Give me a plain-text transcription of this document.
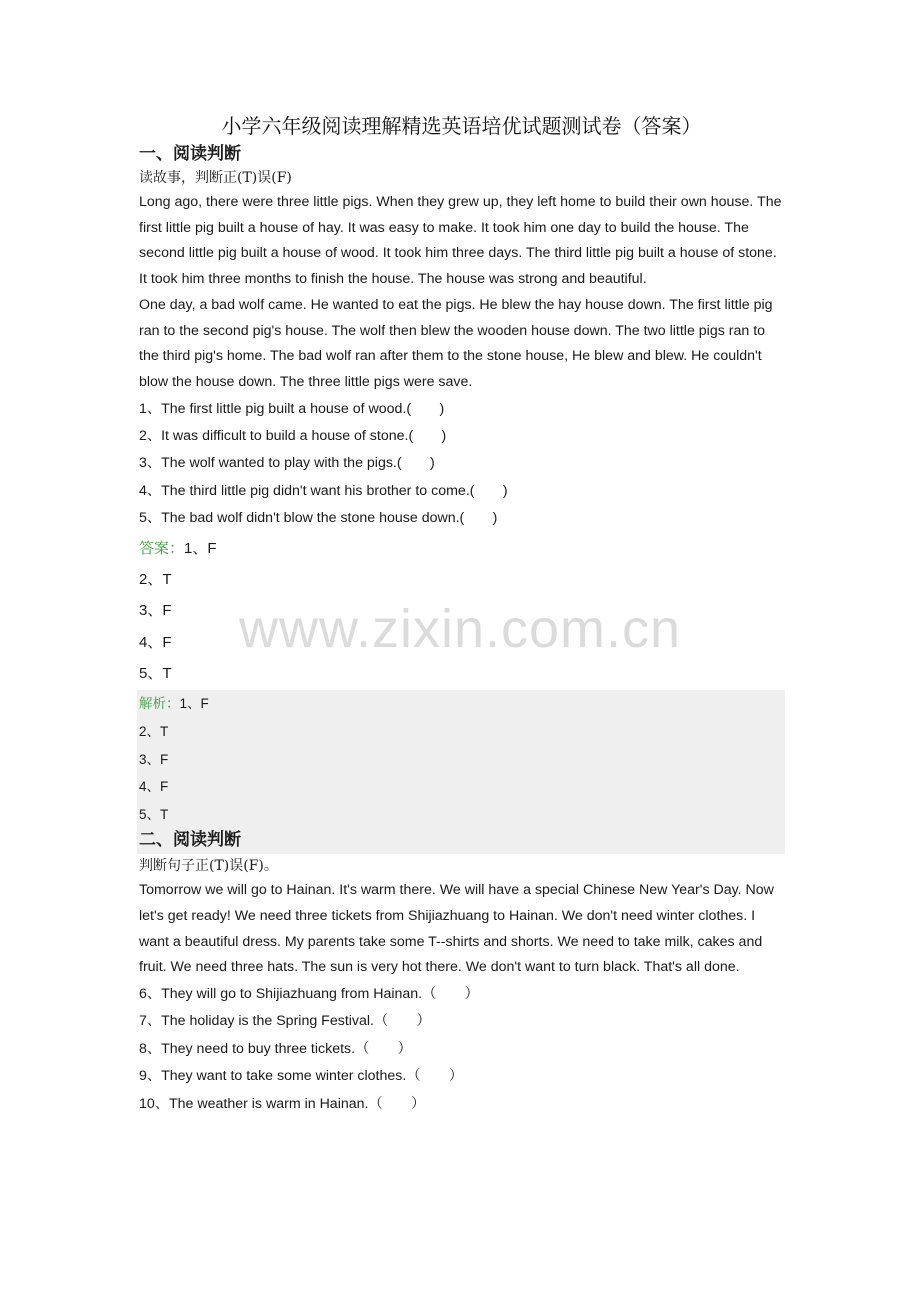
www.zixin.com.cn
小学六年级阅读理解精选英语培优试题测试卷（答案）

一、阅读判断

读故事，判断正(T)误(F)

Long ago, there were three little pigs. When they grew up, they left home to build their own house. The first little pig built a house of hay. It was easy to make. It took him one day to build the house. The second little pig built a house of wood. It took him three days. The third little pig built a house of stone. It took him three months to finish the house. The house was strong and beautiful.

One day, a bad wolf came. He wanted to eat the pigs. He blew the hay house down. The first little pig ran to the second pig's house. The wolf then blew the wooden house down. The two little pigs ran to the third pig's home. The bad wolf ran after them to the stone house, He blew and blew. He couldn't blow the house down. The three little pigs were save.

1、The first little pig built a house of wood.(　　)

2、It was difficult to build a house of stone.(　　)

3、The wolf wanted to play with the pigs.(　　)

4、The third little pig didn't want his brother to come.(　　)

5、The bad wolf didn't blow the stone house down.(　　)

答案：1、F

2、T

3、F

4、F

5、T

解析：1、F

2、T

3、F

4、F

5、T

二、阅读判断

判断句子正(T)误(F)。

Tomorrow we will go to Hainan. It's warm there. We will have a special Chinese New Year's Day. Now let's get ready! We need three tickets from Shijiazhuang to Hainan. We don't need winter clothes. I want a beautiful dress. My parents take some T--shirts and shorts. We need to take milk, cakes and fruit. We need three hats. The sun is very hot there. We don't want to turn black. That's all done.

6、They will go to Shijiazhuang from Hainan.（　　）

7、The holiday is the Spring Festival.（　　）

8、They need to buy three tickets.（　　）

9、They want to take some winter clothes.（　　）

10、The weather is warm in Hainan.（　　）
